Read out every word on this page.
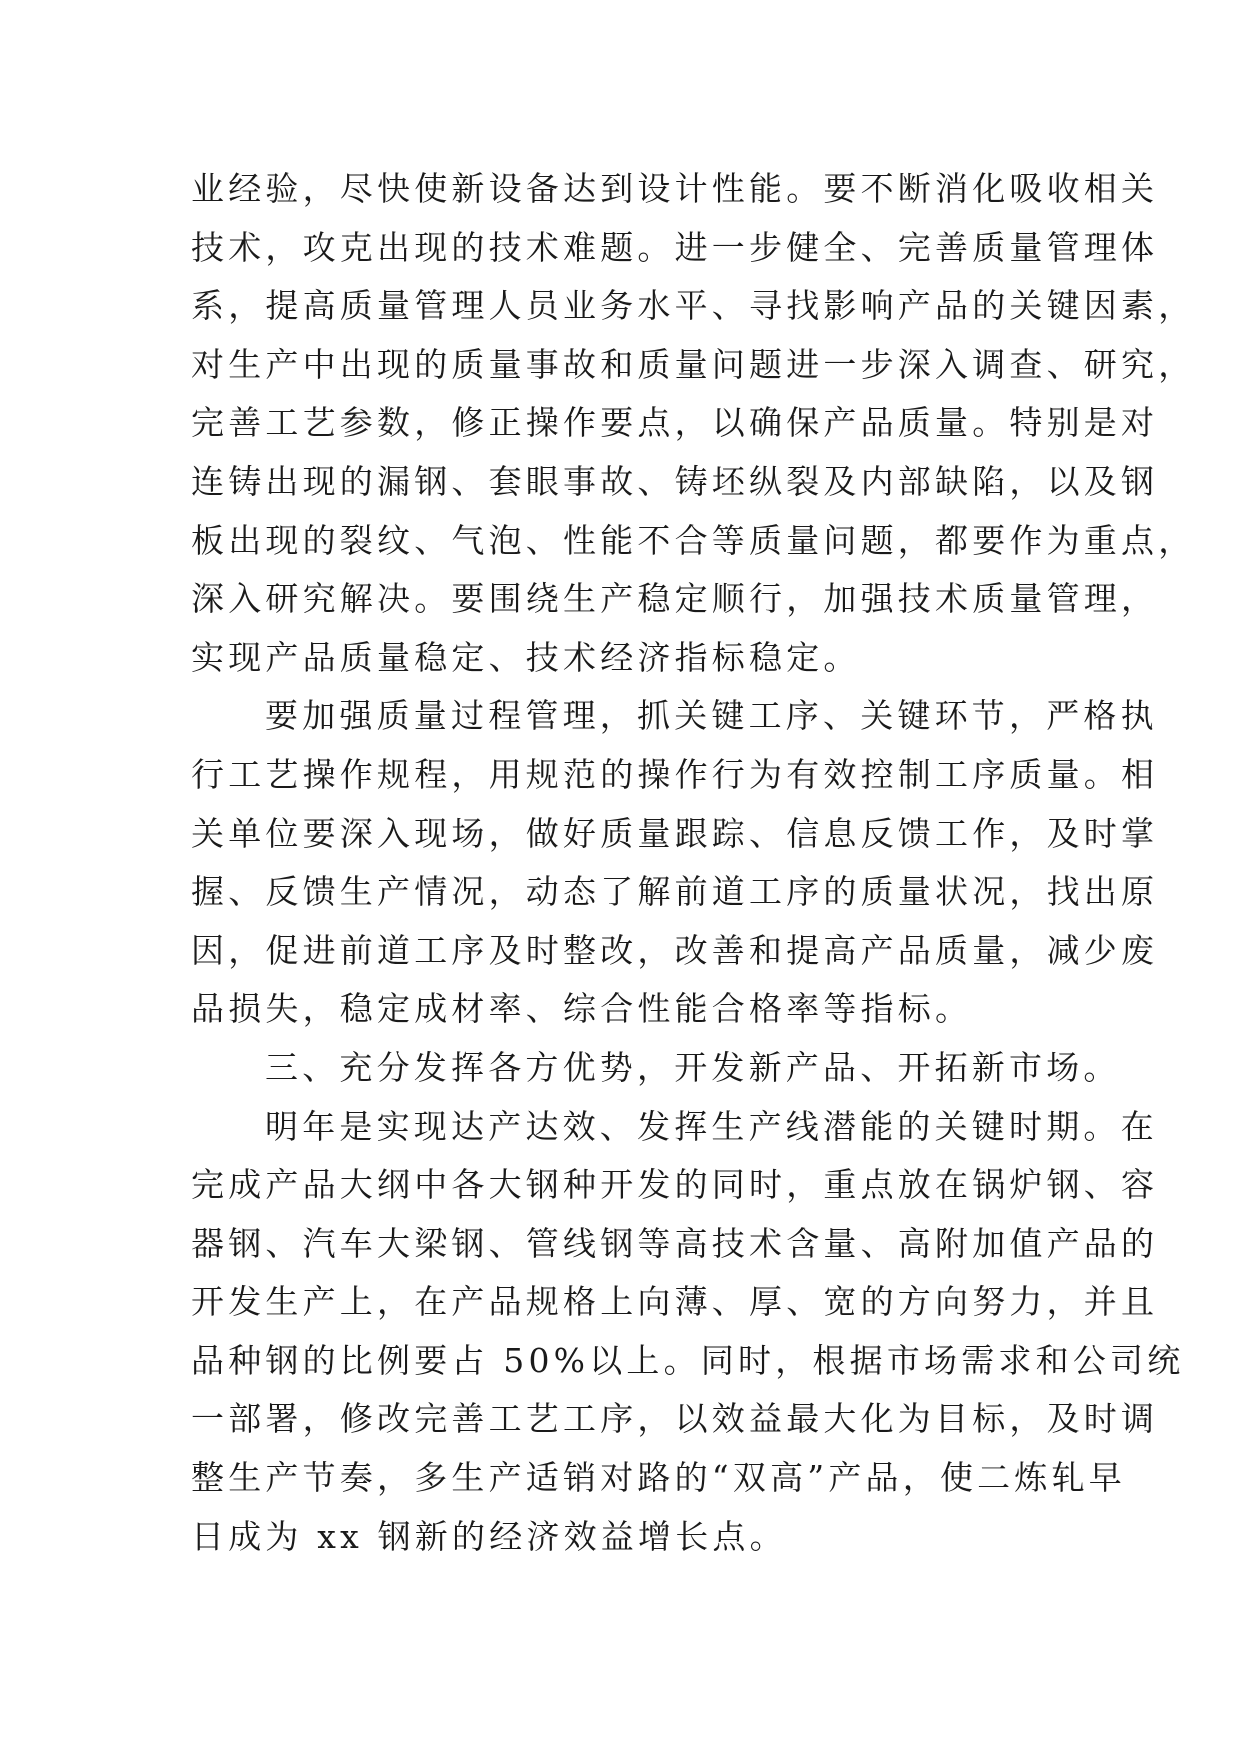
业经验，尽快使新设备达到设计性能。要不断消化吸收相关
技术，攻克出现的技术难题。进一步健全、完善质量管理体
系，提高质量管理人员业务水平、寻找影响产品的关键因素，
对生产中出现的质量事故和质量问题进一步深入调查、研究，
完善工艺参数，修正操作要点，以确保产品质量。特别是对
连铸出现的漏钢、套眼事故、铸坯纵裂及内部缺陷，以及钢
板出现的裂纹、气泡、性能不合等质量问题，都要作为重点，
深入研究解决。要围绕生产稳定顺行，加强技术质量管理，
实现产品质量稳定、技术经济指标稳定。
要加强质量过程管理，抓关键工序、关键环节，严格执
行工艺操作规程，用规范的操作行为有效控制工序质量。相
关单位要深入现场，做好质量跟踪、信息反馈工作，及时掌
握、反馈生产情况，动态了解前道工序的质量状况，找出原
因，促进前道工序及时整改，改善和提高产品质量，减少废
品损失，稳定成材率、综合性能合格率等指标。
三、充分发挥各方优势，开发新产品、开拓新市场。
明年是实现达产达效、发挥生产线潜能的关键时期。在
完成产品大纲中各大钢种开发的同时，重点放在锅炉钢、容
器钢、汽车大梁钢、管线钢等高技术含量、高附加值产品的
开发生产上，在产品规格上向薄、厚、宽的方向努力，并且
品种钢的比例要占 50%以上。同时，根据市场需求和公司统
一部署，修改完善工艺工序，以效益最大化为目标，及时调
整生产节奏，多生产适销对路的“双高”产品，使二炼轧早
日成为 xx 钢新的经济效益增长点。
